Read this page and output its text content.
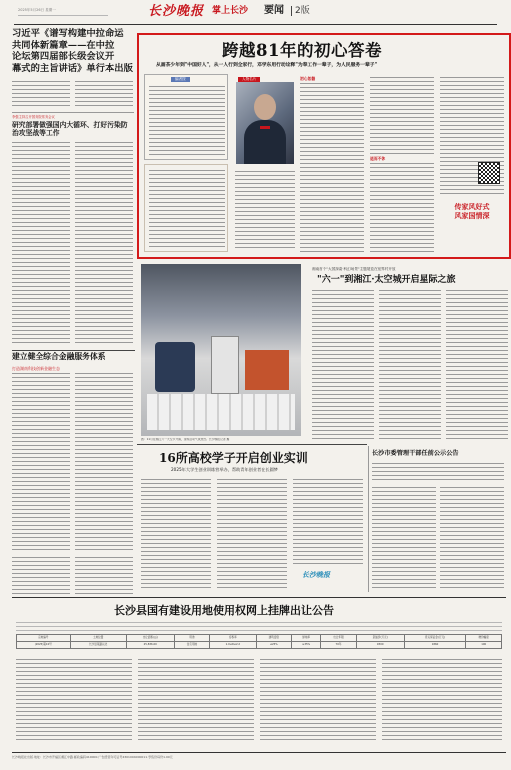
2025年5月26日 星期一	长沙晚报 掌上长沙 要闻 2版
习近平《谱写构建中拉命运
共同体新篇章——在中拉
论坛第四届部长级会议开
幕式的主旨讲话》单行本出版
李强主持召开国务院常务会议
研究部署做强国内大循环、打好污染防治攻坚战等工作
跨越81年的初心答卷
从画茶少年到"中国好人"，从一人行到全家行，邓学东用行动诠释"为奉工作一辈子，为人民服务一辈子"
编者按	人物名片	初心如磐
退而不休
传家风好式
风家国情深
图：11月在湘江六一大空节开幕，现场活动气氛热烈。长沙晚报记者 摄
湘南首个"大国探索·科幻场景"主题展览在宽界村开放
"六一"到湘江·太空城开启星际之旅
建立健全综合金融服务体系
打造湖南科技创新金融生态
16所高校学子开启创业实训
2025年大学生创业训练营举办，帮助青年创业者在长圆梦
长沙晚报
长沙市委管理干部任前公示公告
长沙县国有建设用地使用权网上挂牌出让公告
宗地编号	土地位置	出让面积(㎡)	用途	容积率	建筑密度	绿地率	出让年限	起始价(万元)	竞买保证金(万元)	增价幅度
(2025)第10号	长沙县某路以北	25,836.00	住宅用地	1.0≤R≤2.2	≤25%	≥35%	70年	9300	1860	100
长沙晚报社出版·地址：长沙市开福区湘江中路·邮政编码410000·广告经营许可证号4301004000011·零售价每份1.00元
